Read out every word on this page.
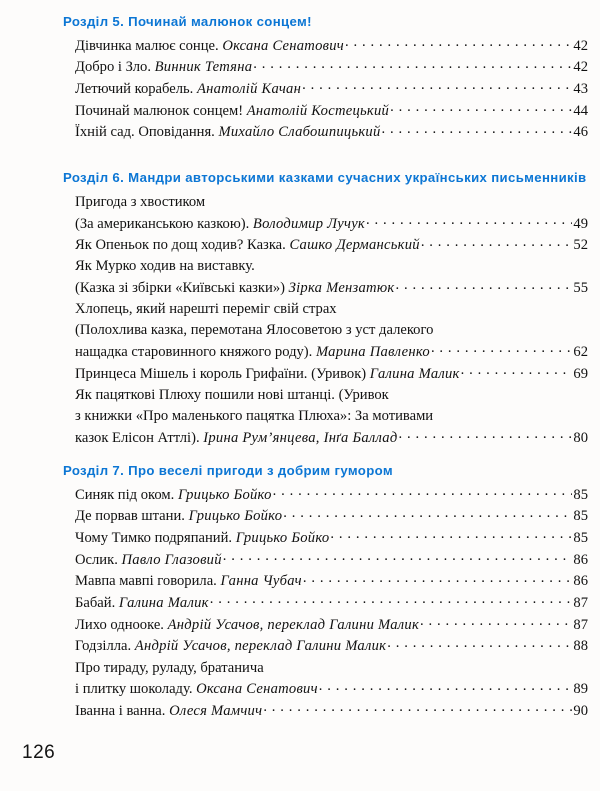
Розділ 5. Починай малюнок сонцем!
Дівчинка малює сонце. Оксана Сенатович . . .	42
Добро і Зло. Винник Тетяна . . .	42
Летючий корабель. Анатолій Качан . . .	43
Починай малюнок сонцем! Анатолій Костецький . . .	44
Їхній сад. Оповідання. Михайло Слабошпицький . . .	46
Розділ 6. Мандри авторськими казками сучасних українських письменників
Пригода з хвостиком
(За американською казкою). Володимир Лучук . . .	49
Як Опеньок по дощ ходив? Казка. Сашко Дерманський . . .	52
Як Мурко ходив на виставку.
(Казка зі збірки «Київські казки») Зірка Мензатюк . . .	55
Хлопець, який нарешті переміг свій страх
(Полохлива казка, перемотана Ялосоветою з уст далекого
нащадка старовинного княжого роду). Марина Павленко . . .	62
Принцеса Мішель і король Грифаїни. (Уривок) Галина Малик . . .	69
Як пацяткові Плюху пошили нові штанці. (Уривок
з книжки «Про маленького пацятка Плюха»: За мотивами
казок Елісон Аттлі). Ірина Рум’янцева, Інґа Баллад . . .	80
Розділ 7. Про веселі пригоди з добрим гумором
Синяк під оком. Грицько Бойко . . .	85
Де порвав штани. Грицько Бойко . . .	85
Чому Тимко подряпаний. Грицько Бойко . . .	85
Ослик. Павло Глазовий . . .	86
Мавпа мавпі говорила. Ганна Чубач . . .	86
Бабай. Галина Малик . . .	87
Лихо однооке. Андрій Усачов, переклад Галини Малик . . .	87
Годзілла. Андрій Усачов, переклад Галини Малик . . .	88
Про тираду, руладу, братанича
і плитку шоколаду. Оксана Сенатович . . .	89
Іванна і ванна. Олеся Мамчич . . .	90
126
